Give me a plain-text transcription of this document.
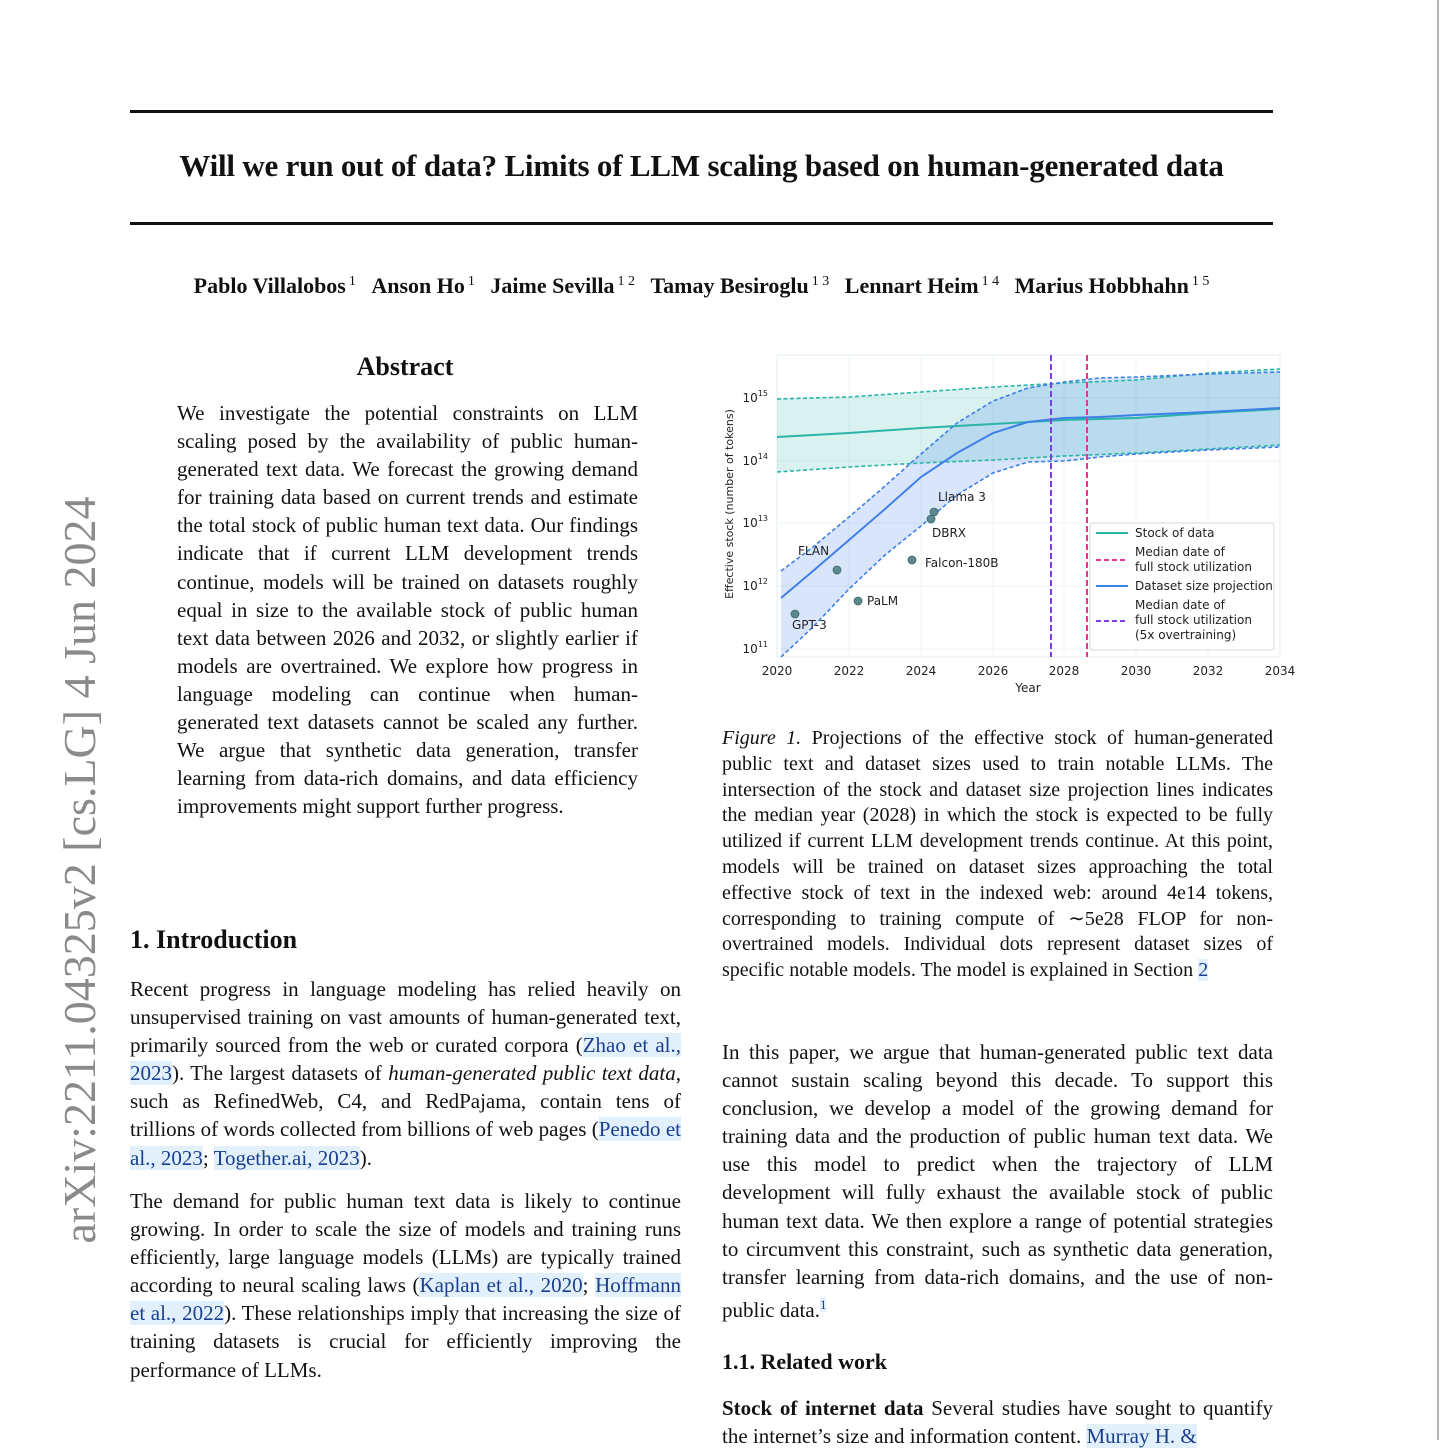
Will we run out of data? Limits of LLM scaling based on human-generated data
Pablo Villalobos $^1$ Anson Ho $^1$ Jaime Sevilla $^{1 2}$ Tamay Besiroglu $^{1 3}$ Lennart Heim $^{1 4}$ Marius Hobbhahn $^{1 5}$
arXiv:2211.04325v2 [cs.LG] 4 Jun 2024
Abstract
We investigate the potential constraints on LLM scaling posed by the availability of public human-generated text data. We forecast the growing demand for training data based on current trends and estimate the total stock of public human text data. Our findings indicate that if current LLM development trends continue, models will be trained on datasets roughly equal in size to the available stock of public human text data between 2026 and 2032, or slightly earlier if models are overtrained. We explore how progress in language modeling can continue when human-generated text datasets cannot be scaled any further. We argue that synthetic data generation, transfer learning from data-rich domains, and data efficiency improvements might support further progress.
1. Introduction
Recent progress in language modeling has relied heavily on unsupervised training on vast amounts of human-generated text, primarily sourced from the web or curated corpora (Zhao et al., 2023). The largest datasets of human-generated public text data, such as RefinedWeb, C4, and RedPajama, contain tens of trillions of words collected from billions of web pages (Penedo et al., 2023; Together.ai, 2023).
The demand for public human text data is likely to continue growing. In order to scale the size of models and training runs efficiently, large language models (LLMs) are typically trained according to neural scaling laws (Kaplan et al., 2020; Hoffmann et al., 2022). These relationships imply that increasing the size of training datasets is crucial for efficiently improving the performance of LLMs.
GPT-3
FLAN
PaLM
Falcon-180B
DBRX
Llama 3
Stock of data
Median date of
full stock utilization
Dataset size projection
Median date of
full stock utilization
(5x overtraining)
$10^{15}$
$10^{14}$
$10^{13}$
$10^{12}$
$10^{11}$
2020	2022	2024	2026	2028	2030	2032	2034
Year
Effective stock (number of tokens)
Figure 1. Projections of the effective stock of human-generated public text and dataset sizes used to train notable LLMs. The intersection of the stock and dataset size projection lines indicates the median year (2028) in which the stock is expected to be fully utilized if current LLM development trends continue. At this point, models will be trained on dataset sizes approaching the total effective stock of text in the indexed web: around 4e14 tokens, corresponding to training compute of ∼5e28 FLOP for non-overtrained models. Individual dots represent dataset sizes of specific notable models. The model is explained in Section 2
In this paper, we argue that human-generated public text data cannot sustain scaling beyond this decade. To support this conclusion, we develop a model of the growing demand for training data and the production of public human text data. We use this model to predict when the trajectory of LLM development will fully exhaust the available stock of public human text data. We then explore a range of potential strategies to circumvent this constraint, such as synthetic data generation, transfer learning from data-rich domains, and the use of non-public data.$^1$
1.1. Related work
Stock of internet data Several studies have sought to quantify the internet’s size and information content. Murray H. &
